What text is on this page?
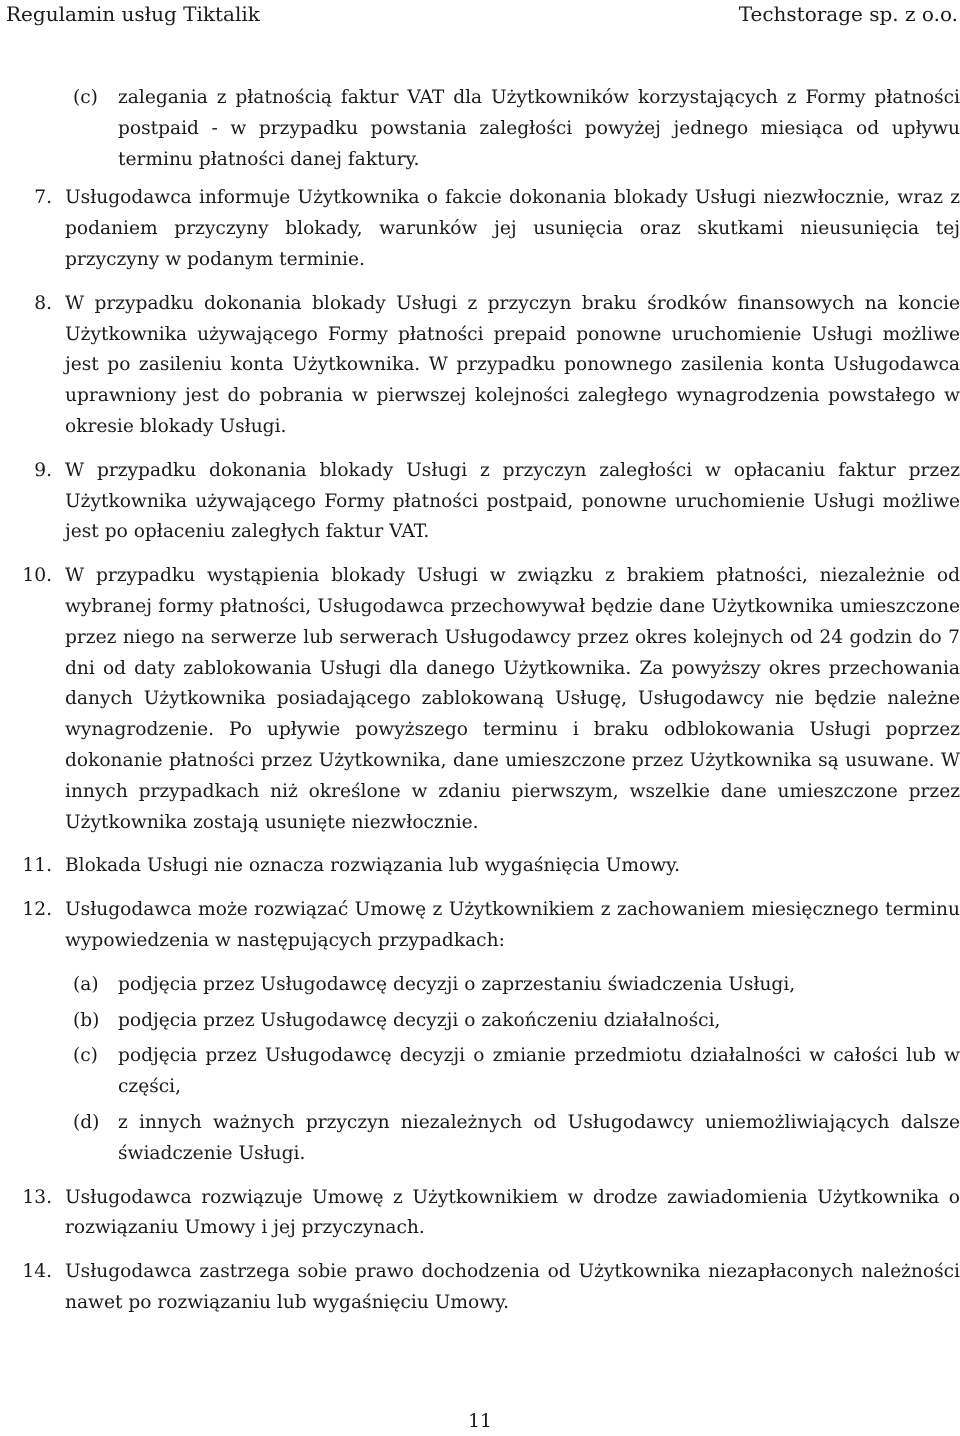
Regulamin usług Tiktalik	Techstorage sp. z o.o.
(c) zalegania z płatnością faktur VAT dla Użytkowników korzystających z Formy płatności postpaid - w przypadku powstania zaległości powyżej jednego miesiąca od upływu terminu płatności danej faktury.
7. Usługodawca informuje Użytkownika o fakcie dokonania blokady Usługi niezwłocznie, wraz z podaniem przyczyny blokady, warunków jej usunięcia oraz skutkami nieusunięcia tej przyczyny w podanym terminie.
8. W przypadku dokonania blokady Usługi z przyczyn braku środków finansowych na koncie Użytkownika używającego Formy płatności prepaid ponowne uruchomienie Usługi możliwe jest po zasileniu konta Użytkownika. W przypadku ponownego zasilenia konta Usługodawca uprawniony jest do pobrania w pierwszej kolejności zaległego wynagrodzenia powstałego w okresie blokady Usługi.
9. W przypadku dokonania blokady Usługi z przyczyn zaległości w opłacaniu faktur przez Użytkownika używającego Formy płatności postpaid, ponowne uruchomienie Usługi możliwe jest po opłaceniu zaległych faktur VAT.
10. W przypadku wystąpienia blokady Usługi w związku z brakiem płatności, niezależnie od wybranej formy płatności, Usługodawca przechowywał będzie dane Użytkownika umieszczone przez niego na serwerze lub serwerach Usługodawcy przez okres kolejnych od 24 godzin do 7 dni od daty zablokowania Usługi dla danego Użytkownika. Za powyższy okres przechowania danych Użytkownika posiadającego zablokowaną Usługę, Usługodawcy nie będzie należne wynagrodzenie. Po upływie powyższego terminu i braku odblokowania Usługi poprzez dokonanie płatności przez Użytkownika, dane umieszczone przez Użytkownika są usuwane. W innych przypadkach niż określone w zdaniu pierwszym, wszelkie dane umieszczone przez Użytkownika zostają usunięte niezwłocznie.
11. Blokada Usługi nie oznacza rozwiązania lub wygaśnięcia Umowy.
12. Usługodawca może rozwiązać Umowę z Użytkownikiem z zachowaniem miesięcznego terminu wypowiedzenia w następujących przypadkach:
(a) podjęcia przez Usługodawcę decyzji o zaprzestaniu świadczenia Usługi,
(b) podjęcia przez Usługodawcę decyzji o zakończeniu działalności,
(c) podjęcia przez Usługodawcę decyzji o zmianie przedmiotu działalności w całości lub w części,
(d) z innych ważnych przyczyn niezależnych od Usługodawcy uniemożliwiających dalsze świadczenie Usługi.
13. Usługodawca rozwiązuje Umowę z Użytkownikiem w drodze zawiadomienia Użytkownika o rozwiązaniu Umowy i jej przyczynach.
14. Usługodawca zastrzega sobie prawo dochodzenia od Użytkownika niezapłaconych należności nawet po rozwiązaniu lub wygaśnięciu Umowy.
11
